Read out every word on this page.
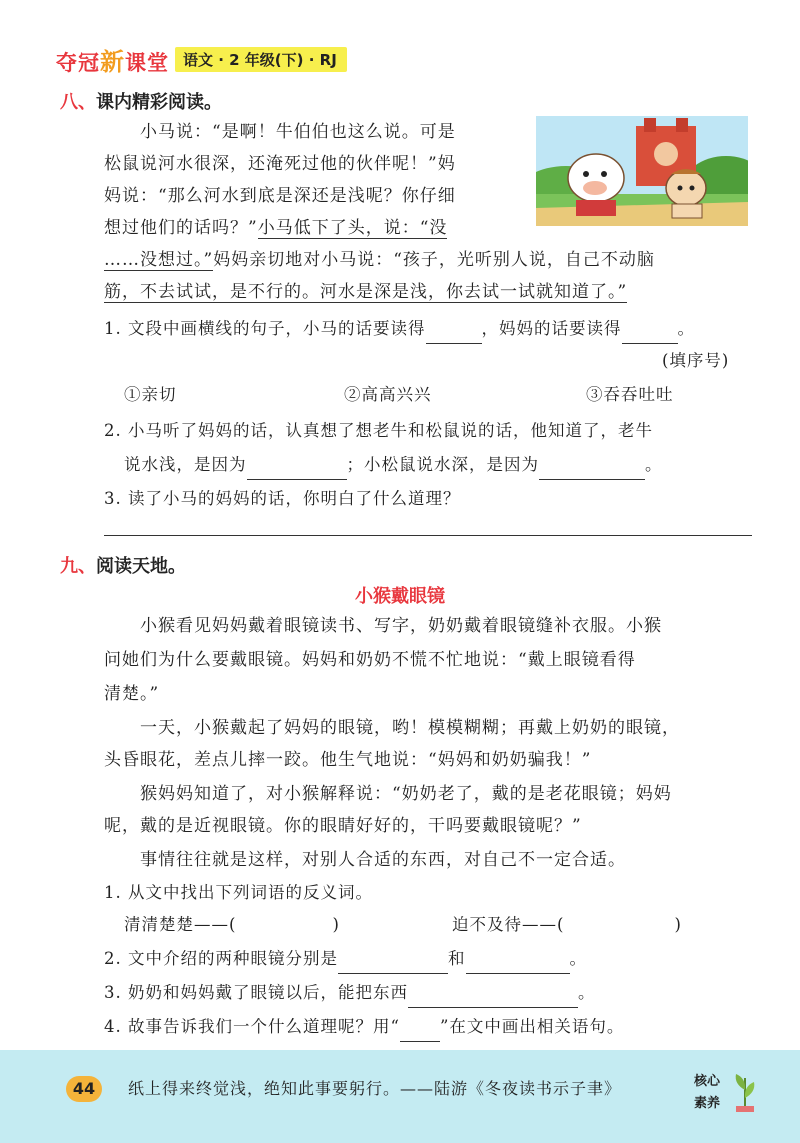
夺冠新课堂 语文 · 2 年级(下) · RJ
八、课内精彩阅读。
小马说：“是啊！牛伯伯也这么说。可是
松鼠说河水很深，还淹死过他的伙伴呢！”妈
妈说：“那么河水到底是深还是浅呢？你仔细
想过他们的话吗？”小马低下了头，说：“没
……没想过。”妈妈亲切地对小马说：“孩子，光听别人说，自己不动脑
筋，不去试试，是不行的。河水是深是浅，你去试一试就知道了。”
1. 文段中画横线的句子，小马的话要读得	，妈妈的话要读得	。
(填序号)
①亲切	②高高兴兴	③吞吞吐吐
2. 小马听了妈妈的话，认真想了想老牛和松鼠说的话，他知道了，老牛
说水浅，是因为	；小松鼠说水深，是因为	。
3. 读了小马的妈妈的话，你明白了什么道理？
九、阅读天地。
小猴戴眼镜
小猴看见妈妈戴着眼镜读书、写字，奶奶戴着眼镜缝补衣服。小猴
问她们为什么要戴眼镜。妈妈和奶奶不慌不忙地说：“戴上眼镜看得
清楚。”
一天，小猴戴起了妈妈的眼镜，哟！模模糊糊；再戴上奶奶的眼镜，
头昏眼花，差点儿摔一跤。他生气地说：“妈妈和奶奶骗我！”
猴妈妈知道了，对小猴解释说：“奶奶老了，戴的是老花眼镜；妈妈
呢，戴的是近视眼镜。你的眼睛好好的，干吗要戴眼镜呢？”
事情往往就是这样，对别人合适的东西，对自己不一定合适。
1. 从文中找出下列词语的反义词。
清清楚楚——(	)	迫不及待——(	)
2. 文中介绍的两种眼镜分别是	和	。
3. 奶奶和妈妈戴了眼镜以后，能把东西	。
4. 故事告诉我们一个什么道理呢？用“ ”在文中画出相关语句。
44	纸上得来终觉浅，绝知此事要躬行。——陆游《冬夜读书示子聿》	核心
素养
